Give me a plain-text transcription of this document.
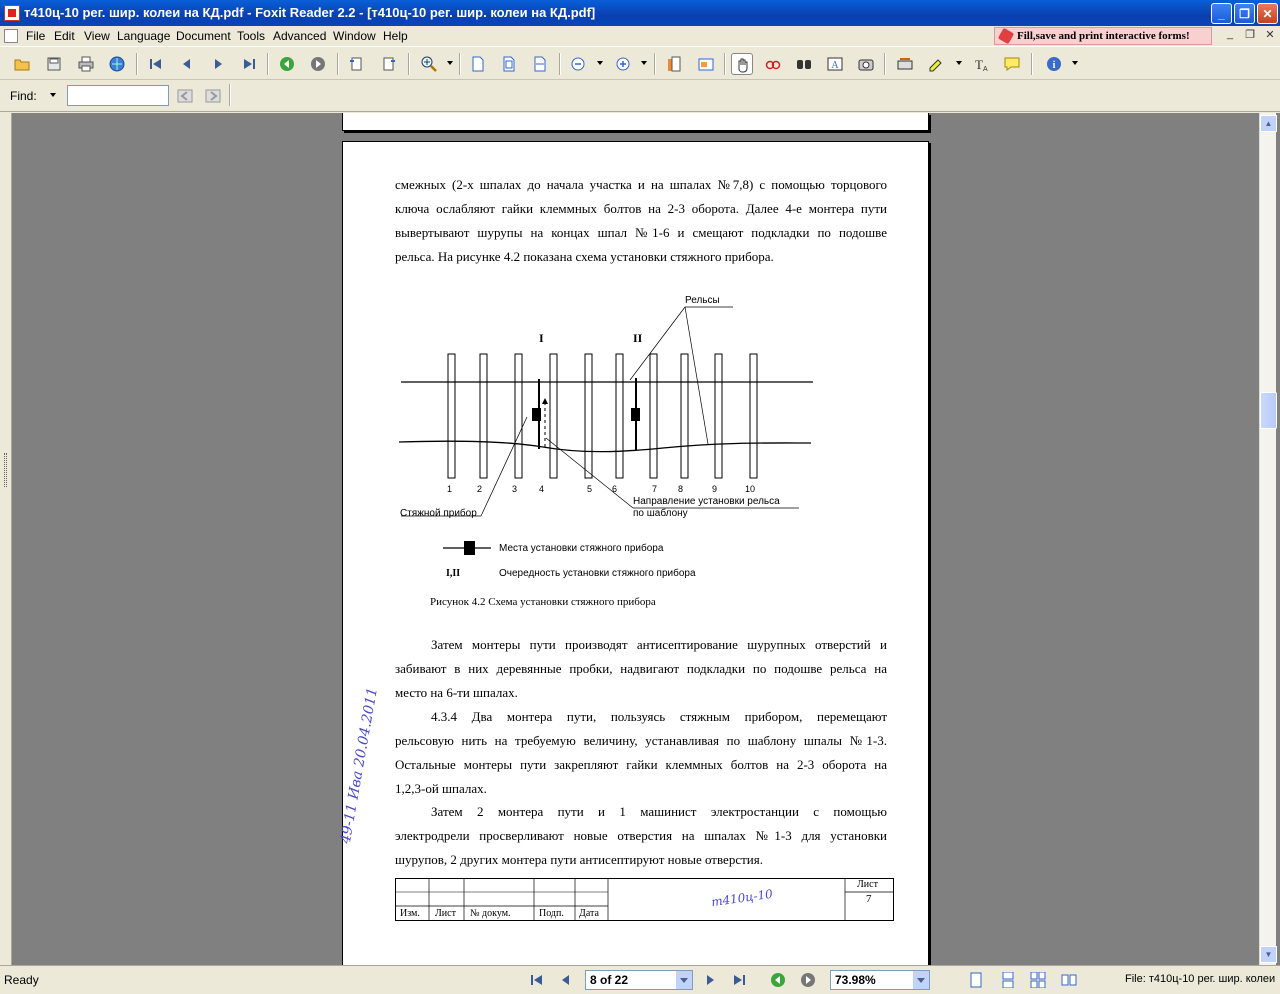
т410ц-10 рег. шир. колеи на КД.pdf - Foxit Reader 2.2 - [т410ц-10 рег. шир. колеи на КД.pdf]	_	❐	✕
File Edit View Language Document Tools Advanced Window Help	Fill,save and print interactive forms!	_	❐ ✕
A	T A	i
Find:
смежных (2-х шпалах до начала участка и на шпалах №7,8) с помощью торцового
ключа ослабляют гайки клеммных болтов на 2-3 оборота. Далее 4-е монтера пути
вывертывают шурупы на концах шпал №1-6 и смещают подкладки по подошве
рельса. На рисунке 4.2 показана схема установки стяжного прибора.
Рельсы
I	II
1	2	3 4	5 6	7 8	9	10
Стяжной прибор
Направление установки рельса
по шаблону
Места установки стяжного прибора
I,II	Очередность установки стяжного прибора
Рисунок 4.2 Схема установки стяжного прибора
Затем монтеры пути производят антисептирование шурупных отверстий и
забивают в них деревянные пробки, надвигают подкладки по подошве рельса на
место на 6-ти шпалах.
4.3.4 Два монтера пути, пользуясь стяжным прибором, перемещают
рельсовую нить на требуемую величину, устанавливая по шаблону шпалы №1-3.
Остальные монтеры пути закрепляют гайки клеммных болтов на 2-3 оборота на
1,2,3-ой шпалах.
Затем 2 монтера пути и 1 машинист электростанции с помощью
электродрели просверливают новые отверстия на шпалах №1-3 для установки
шурупов, 2 других монтера пути антисептируют новые отверстия.
49-11 Ива 20.04.2011
Изм. Лист № докум.	Подп. Дата
Лист
7
т410ц-10
▲
▼
Ready	8 of 22	73.98%	File: т410ц-10 рег. шир. колеи
